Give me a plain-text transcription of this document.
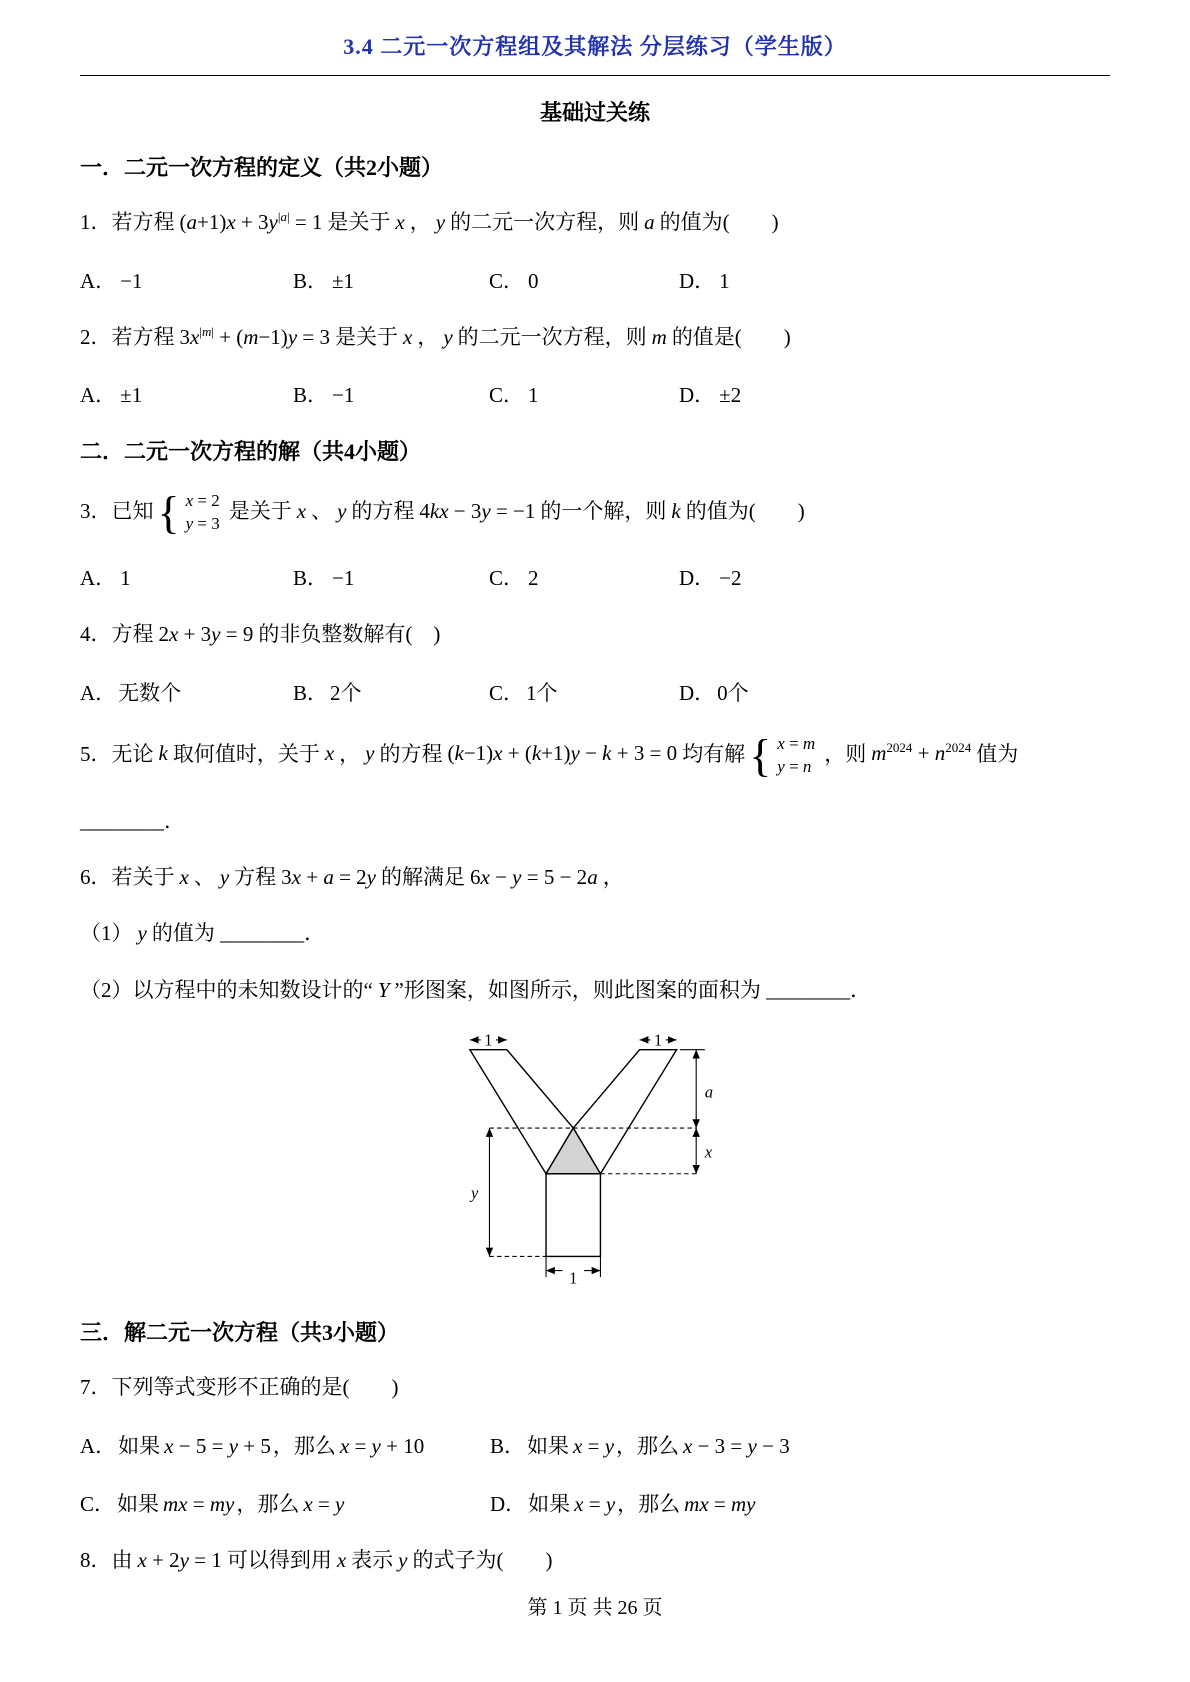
3.4 二元一次方程组及其解法 分层练习（学生版）
基础过关练
一．二元一次方程的定义（共2小题）

1．若方程 $(a+1)x + 3y^{|a|} = 1$ 是关于 x ， y 的二元一次方程，则 a 的值为(　　)

A． −1	B． ±1	C． 0	D． 1

2．若方程 $3x^{|m|} + (m-1)y = 3$ 是关于 x ， y 的二元一次方程，则 m 的值是(　　)

A． ±1	B． −1	C． 1	D． ±2
二．二元一次方程的解（共4小题）

3．已知 { x = 2
y = 3
是关于 x 、 y 的方程 4kx − 3y = −1 的一个解，则 k 的值为(　　)

A． 1	B． −1	C． 2	D． −2

4．方程 2x + 3y = 9 的非负整数解有(　)

A．无数个	B．2个	C．1个	D．0个

5．无论 k 取何值时，关于 x ， y 的方程 (k−1)x + (k+1)y − k + 3 = 0 均有解 { x = m
y = n
，则 $m^{2024} + n^{2024}$ 值为

________．

6．若关于 x 、 y 方程 3x + a = 2y 的解满足 6x − y = 5 − 2a ，

（1） y 的值为 ________．

（2）以方程中的未知数设计的“ Y ”形图案，如图所示，则此图案的面积为 ________．

1	1
a
x
y
1
三．解二元一次方程（共3小题）

7．下列等式变形不正确的是(　　)

A．如果 x − 5 = y + 5，那么 x = y + 10	B．如果 x = y，那么 x − 3 = y − 3
C．如果 mx = my，那么 x = y	D．如果 x = y，那么 mx = my

8．由 x + 2y = 1 可以得到用 x 表示 y 的式子为(　　)

第 1 页 共 26 页
